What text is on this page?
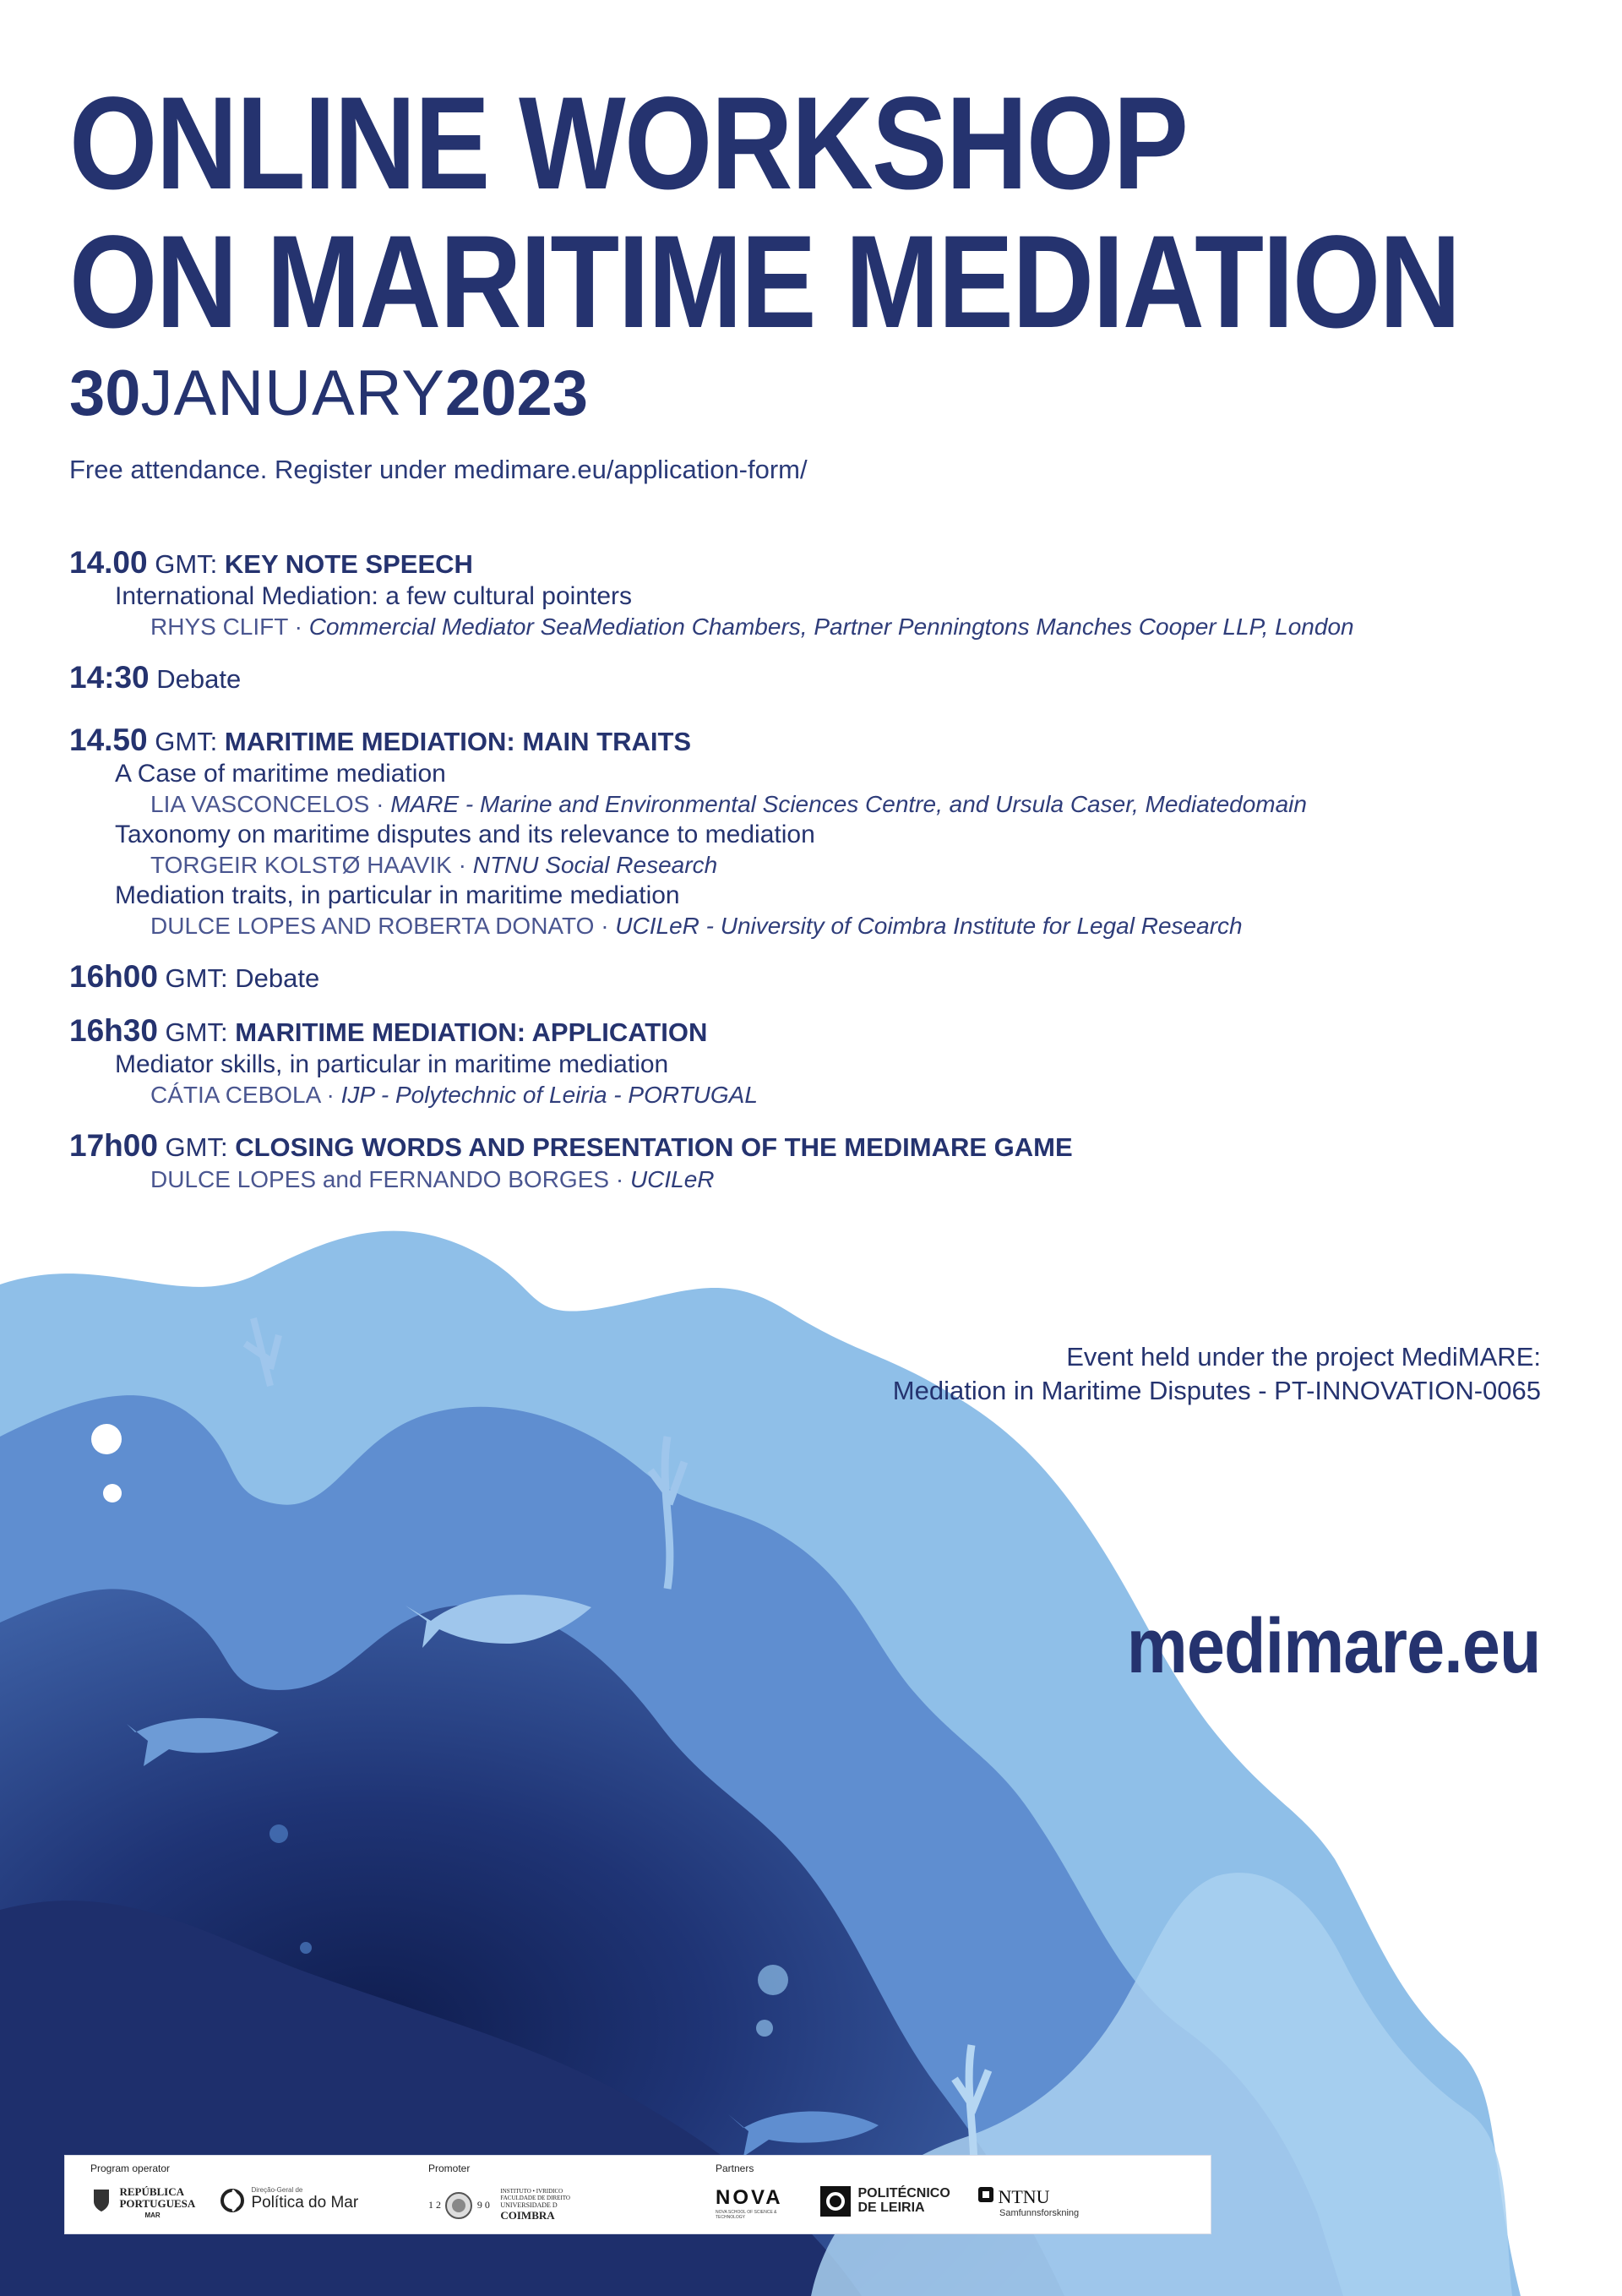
ONLINE WORKSHOP
ON MARITIME MEDIATION
30JANUARY2023
Free attendance. Register under medimare.eu/application-form/
14.00 GMT: KEY NOTE SPEECH
International Mediation: a few cultural pointers
RHYS CLIFT · Commercial Mediator SeaMediation Chambers, Partner Penningtons Manches Cooper LLP, London
14:30 Debate
14.50 GMT: MARITIME MEDIATION: MAIN TRAITS
A Case of maritime mediation
LIA VASCONCELOS · MARE - Marine and Environmental Sciences Centre, and Ursula Caser, Mediatedomain
Taxonomy on maritime disputes and its relevance to mediation
TORGEIR KOLSTØ HAAVIK · NTNU Social Research
Mediation traits, in particular in maritime mediation
DULCE LOPES AND ROBERTA DONATO · UCILeR - University of Coimbra Institute for Legal Research
16h00 GMT: Debate
16h30 GMT: MARITIME MEDIATION: APPLICATION
Mediator skills, in particular in maritime mediation
CÁTIA CEBOLA · IJP - Polytechnic of Leiria - PORTUGAL
17h00 GMT: CLOSING WORDS AND PRESENTATION OF THE MEDIMARE GAME
DULCE LOPES and FERNANDO BORGES · UCILeR
Event held under the project MediMARE:
Mediation in Maritime Disputes - PT-INNOVATION-0065
medimare.eu
Program operator	Promoter	Partners

REPÚBLICA
PORTUGUESA
MAR

Direção-Geral de
Política do Mar	1 2	9 0
INSTITUTO • IVRIDICO
FACULDADE DE DIREITO
UNIVERSIDADE D
COIMBRA
NOVA
NOVA SCHOOL OF SCIENCE & TECHNOLOGY

POLITÉCNICO
DE LEIRIA
NTNU
Samfunnsforskning
